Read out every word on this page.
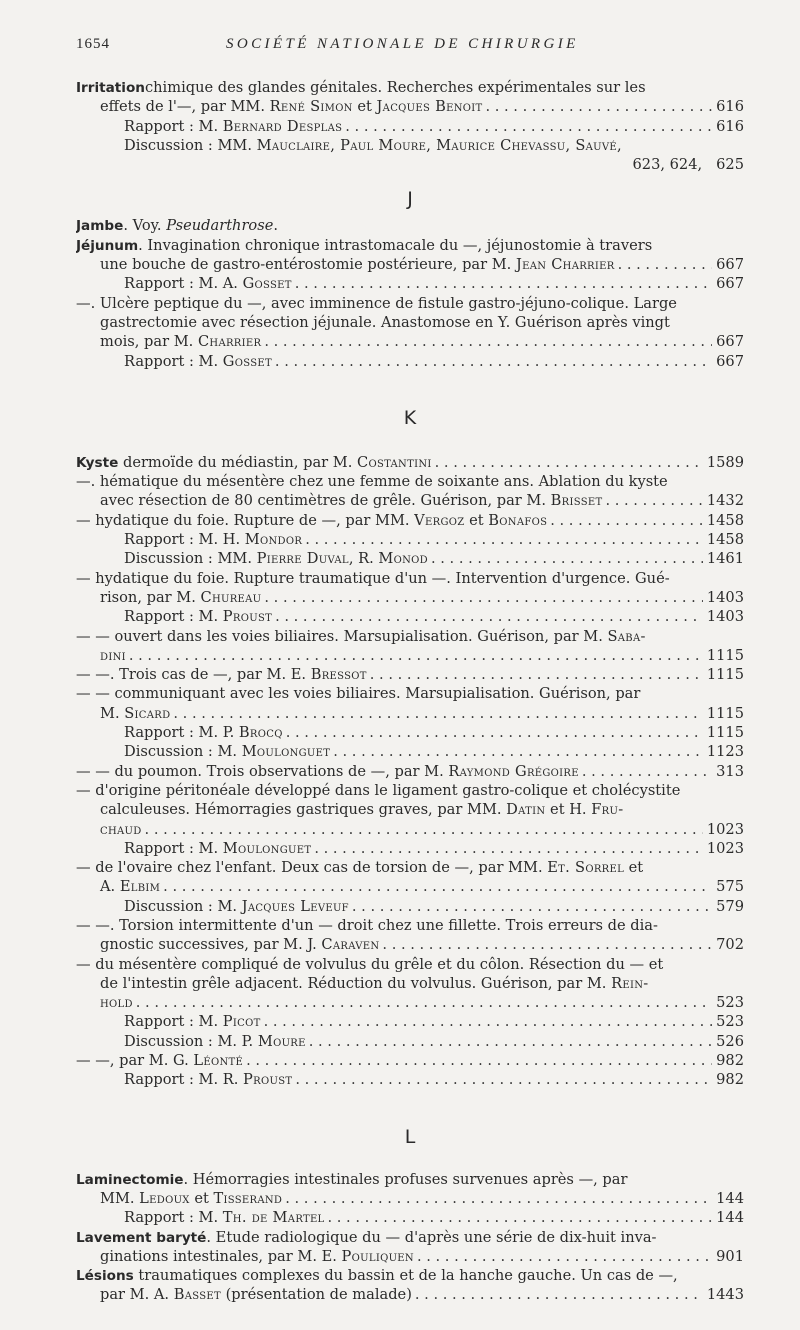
1654	SOCIÉTÉ NATIONALE DE CHIRURGIE
Irritationchimique des glandes génitales. Recherches expérimentales sur les
effets de l'—, par MM. René Simon et Jacques Benoit . . .	616
Rapport : M. Bernard Desplas . . .	616
Discussion : MM. Mauclaire, Paul Moure, Maurice Chevassu, Sauvé,
623, 624, 625
J
Jambe. Voy. Pseudarthrose.
Jéjunum. Invagination chronique intrastomacale du —, jéjunostomie à travers
une bouche de gastro-entérostomie postérieure, par M. Jean Charrier . . .	667
Rapport : M. A. Gosset . . .	667
—. Ulcère peptique du —, avec imminence de fistule gastro-jéjuno-colique. Large
gastrectomie avec résection jéjunale. Anastomose en Y. Guérison après vingt
mois, par M. Charrier . . .	667
Rapport : M. Gosset . . .	667
K
Kyste dermoïde du médiastin, par M. Costantini . . .	1589
—. hématique du mésentère chez une femme de soixante ans. Ablation du kyste
avec résection de 80 centimètres de grêle. Guérison, par M. Brisset . . .	1432
— hydatique du foie. Rupture de —, par MM. Vergoz et Bonafos . . .	1458
Rapport : M. H. Mondor . . .	1458
Discussion : MM. Pierre Duval, R. Monod . . .	1461
— hydatique du foie. Rupture traumatique d'un —. Intervention d'urgence. Gué-
rison, par M. Chureau . . .	1403
Rapport : M. Proust . . .	1403
— — ouvert dans les voies biliaires. Marsupialisation. Guérison, par M. Saba-
dini . . .	1115
— —. Trois cas de —, par M. E. Bressot . . .	1115
— — communiquant avec les voies biliaires. Marsupialisation. Guérison, par
M. Sicard . . .	1115
Rapport : M. P. Brocq . . .	1115
Discussion : M. Moulonguet . . .	1123
— — du poumon. Trois observations de —, par M. Raymond Grégoire . . .	313
— d'origine péritonéale développé dans le ligament gastro-colique et cholécystite
calculeuses. Hémorragies gastriques graves, par MM. Datin et H. Fru-
chaud . . .	1023
Rapport : M. Moulonguet . . .	1023
— de l'ovaire chez l'enfant. Deux cas de torsion de —, par MM. Et. Sorrel et
A. Elbim . . .	575
Discussion : M. Jacques Leveuf . . .	579
— —. Torsion intermittente d'un — droit chez une fillette. Trois erreurs de dia-
gnostic successives, par M. J. Caraven . . .	702
— du mésentère compliqué de volvulus du grêle et du côlon. Résection du — et
de l'intestin grêle adjacent. Réduction du volvulus. Guérison, par M. Rein-
hold . . .	523
Rapport : M. Picot . . .	523
Discussion : M. P. Moure . . .	526
— —, par M. G. Léonté . . .	982
Rapport : M. R. Proust . . .	982
L
Laminectomie. Hémorragies intestinales profuses survenues après —, par
MM. Ledoux et Tisserand . . .	144
Rapport : M. Th. de Martel . . .	144
Lavement baryté. Etude radiologique du — d'après une série de dix-huit inva-
ginations intestinales, par M. E. Pouliquen . . .	901
Lésions traumatiques complexes du bassin et de la hanche gauche. Un cas de —,
par M. A. Basset (présentation de malade) . . .	1443
